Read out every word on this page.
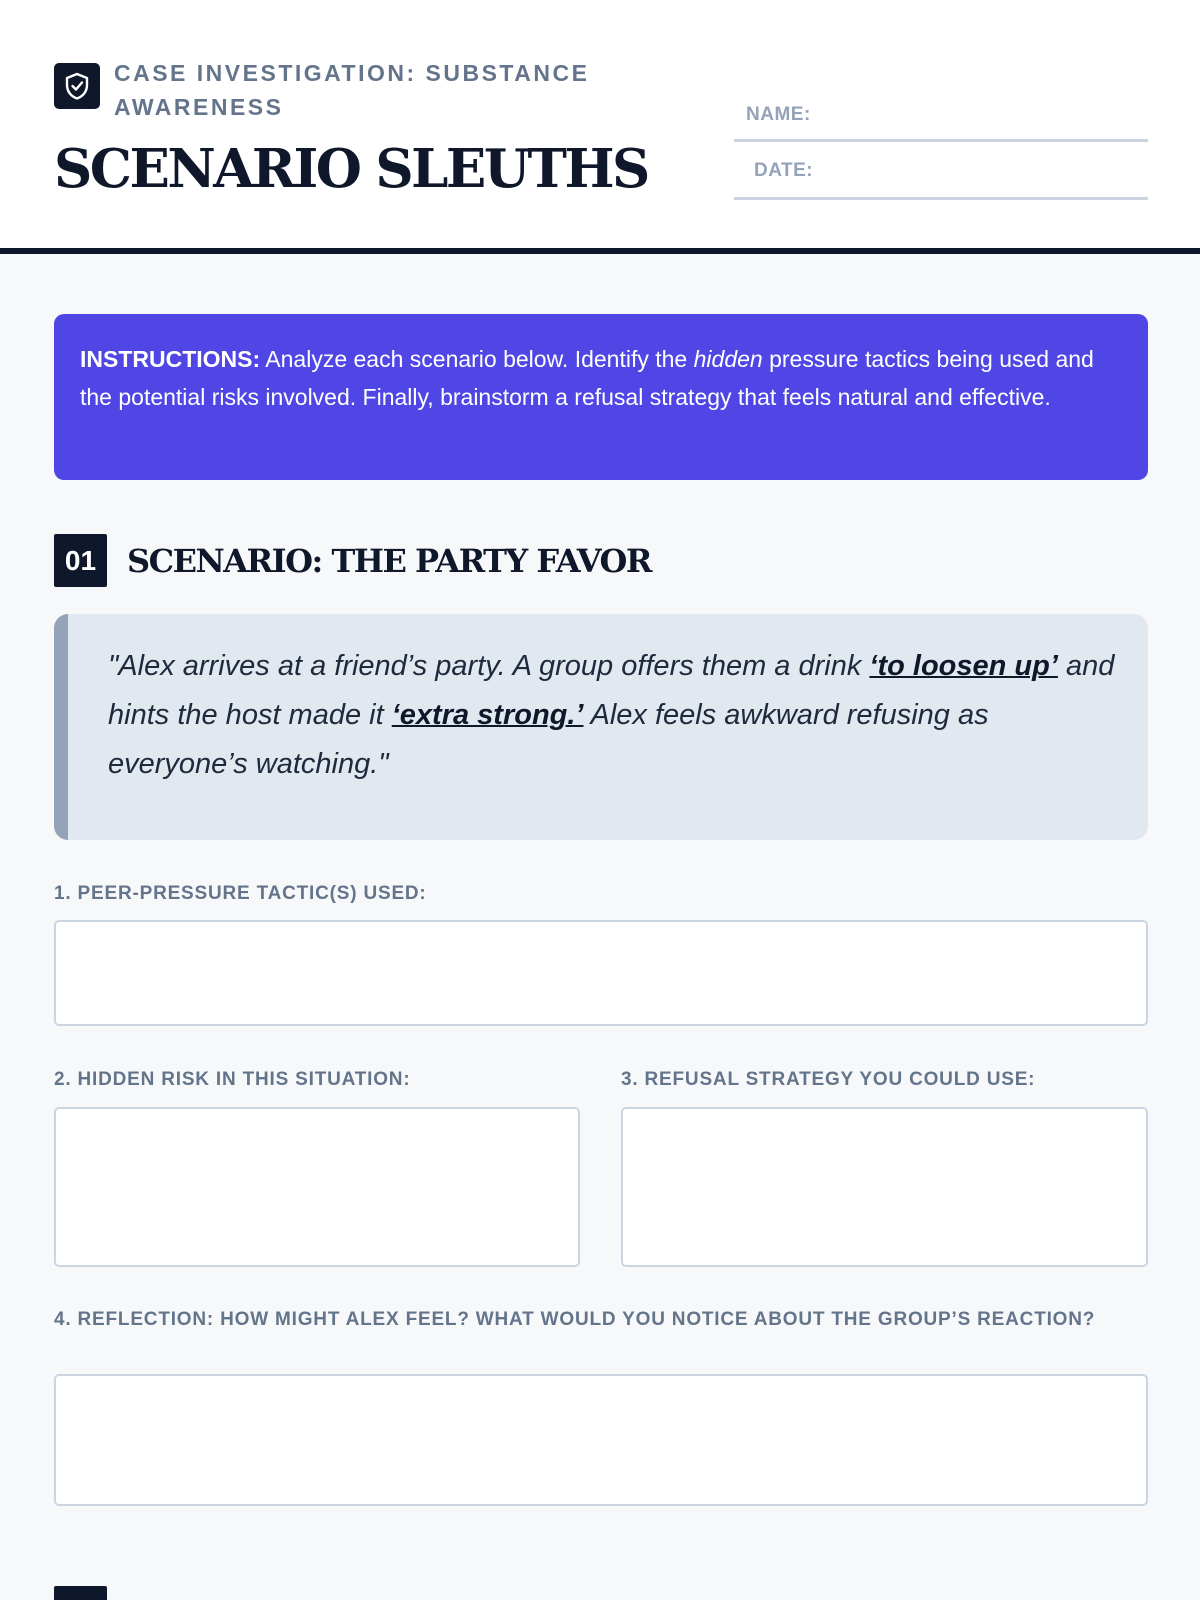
CASE INVESTIGATION: SUBSTANCE AWARENESS
SCENARIO SLEUTHS
NAME:
DATE:
INSTRUCTIONS: Analyze each scenario below. Identify the hidden pressure tactics being used and the potential risks involved. Finally, brainstorm a refusal strategy that feels natural and effective.
01 SCENARIO: THE PARTY FAVOR
"Alex arrives at a friend’s party. A group offers them a drink ‘to loosen up’ and hints the host made it ‘extra strong.’ Alex feels awkward refusing as everyone’s watching."
1. PEER-PRESSURE TACTIC(S) USED:
2. HIDDEN RISK IN THIS SITUATION:	3. REFUSAL STRATEGY YOU COULD USE:
4. REFLECTION: HOW MIGHT ALEX FEEL? WHAT WOULD YOU NOTICE ABOUT THE GROUP’S REACTION?
